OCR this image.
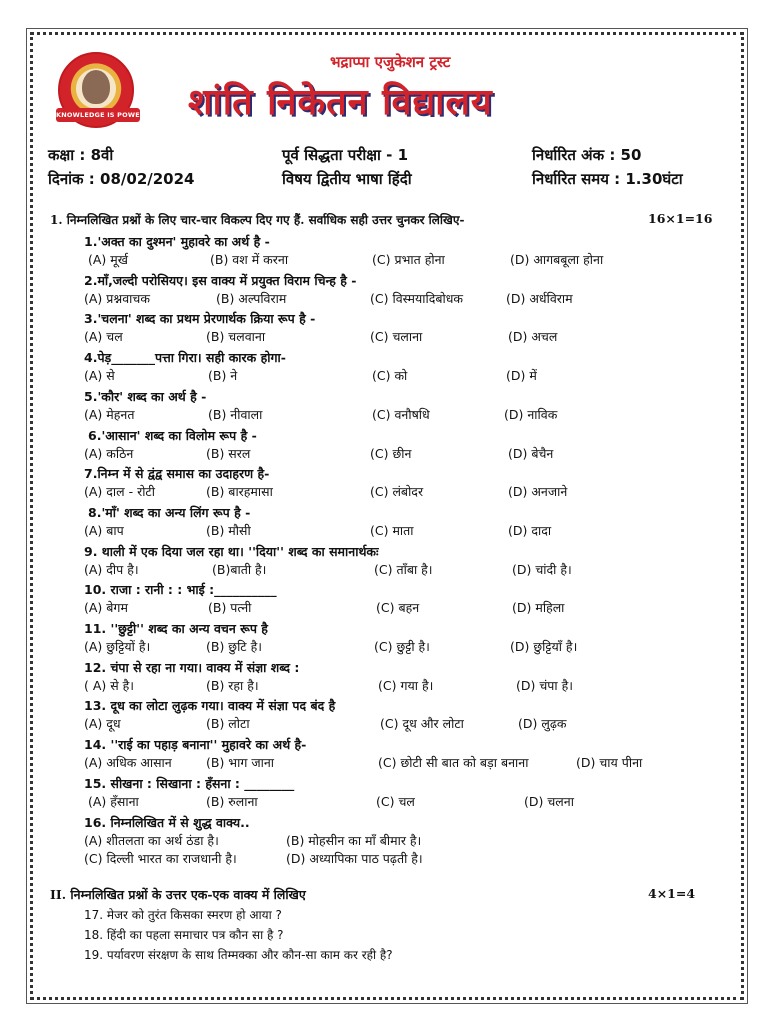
KNOWLEDGE IS POWER
भद्राप्पा एजुकेशन ट्रस्ट
शांति निकेतन विद्यालय
कक्षा : 8वी	पूर्व सिद्धता परीक्षा - 1	निर्धारित अंक : 50
दिनांक : 08/02/2024	विषय द्वितीय भाषा हिंदी	निर्धारित समय : 1.30घंटा
1. निम्नलिखित प्रश्नों के लिए चार-चार विकल्प दिए गए हैं. सर्वाधिक सही उत्तर चुनकर लिखिए-	16×1=16
1.'अक्त का दुश्मन' मुहावरे का अर्थ है -
(A) मूर्ख	(B) वश में करना	(C) प्रभात होना	(D) आगबबूला होना
2.माँ,जल्दी परोसियए। इस वाक्य में प्रयुक्त विराम चिन्ह है -
(A) प्रश्नवाचक	(B) अल्पविराम	(C) विस्मयादिबोधक	(D) अर्धविराम
3.'चलना' शब्द का प्रथम प्रेरणार्थक क्रिया रूप है -
(A) चल	(B) चलवाना	(C) चलाना	(D) अचल
4.पेड़_______पत्ता गिरा। सही कारक होगा-
(A) से	(B) ने	(C) को	(D) में
5.'कौर' शब्द का अर्थ है -
(A) मेहनत	(B) नीवाला	(C) वनौषधि	(D) नाविक
6.'आसान' शब्द का विलोम रूप है -
(A) कठिन	(B) सरल	(C) छीन	(D) बेचैन
7.निम्न में से द्वंद्व समास का उदाहरण है-
(A) दाल - रोटी	(B) बारहमासा	(C) लंबोदर	(D) अनजाने
8.'माँ' शब्द का अन्य लिंग रूप है -
(A) बाप	(B) मौसी	(C) माता	(D) दादा
9. थाली में एक दिया जल रहा था। ''दिया'' शब्द का समानार्थकः
(A) दीप है।	(B)बाती है।	(C) ताँबा है।	(D) चांदी है।
10. राजा : रानी : : भाई :__________
(A) बेगम	(B) पत्नी	(C) बहन	(D) महिला
11. ''छुट्टी'' शब्द का अन्य वचन रूप है
(A) छुट्टियों है।	(B) छुटि है।	(C) छुट्टी है।	(D) छुट्टियाँ है।
12. चंपा से रहा ना गया। वाक्य में संज्ञा शब्द :
( A) से है।	(B) रहा है।	(C) गया है।	(D) चंपा है।
13. दूध का लोटा लुढ़क गया। वाक्य में संज्ञा पद बंद है
(A) दूध	(B) लोटा	(C) दूध और लोटा	(D) लुढ़क
14. ''राई का पहाड़ बनाना'' मुहावरे का अर्थ है-
(A) अधिक आसान	(B) भाग जाना	(C) छोटी सी बात को बड़ा बनाना	(D) चाय पीना
15. सीखना : सिखाना : हँसना : ________
(A) हँसाना	(B) रुलाना	(C) चल	(D) चलना
16. निम्नलिखित में से शुद्ध वाक्य..
(A) शीतलता का अर्थ ठंडा है।	(B) मोहसीन का माँ बीमार है।
(C) दिल्ली भारत का राजधानी है।	(D) अध्यापिका पाठ पढ़ती है।
II. निम्नलिखित प्रश्नों के उत्तर एक-एक वाक्य में लिखिए	4×1=4
17. मेजर को तुरंत किसका स्मरण हो आया ?
18. हिंदी का पहला समाचार पत्र कौन सा है ?
19. पर्यावरण संरक्षण के साथ तिम्मक्का और कौन-सा काम कर रही है?
